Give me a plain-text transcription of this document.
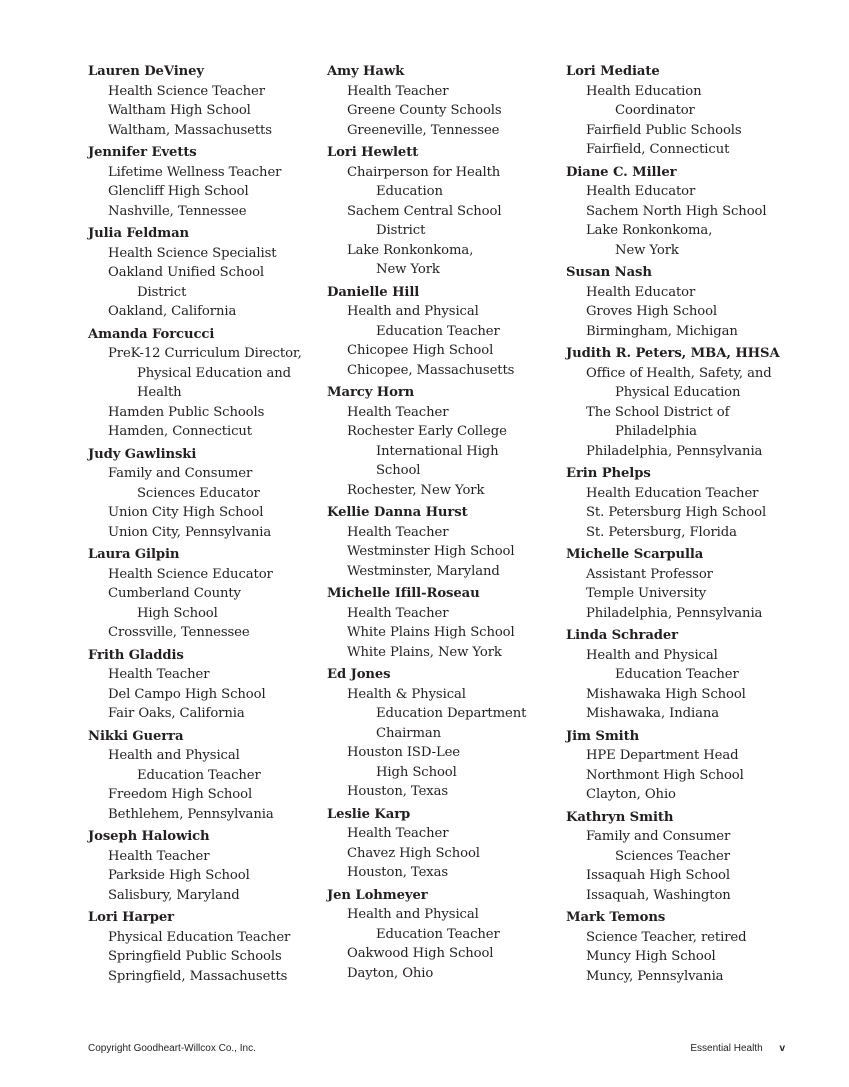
Lauren DeViney
Health Science Teacher
Waltham High School
Waltham, Massachusetts
Jennifer Evetts
Lifetime Wellness Teacher
Glencliff High School
Nashville, Tennessee
Julia Feldman
Health Science Specialist
Oakland Unified School
District
Oakland, California
Amanda Forcucci
PreK-12 Curriculum Director,
Physical Education and
Health
Hamden Public Schools
Hamden, Connecticut
Judy Gawlinski
Family and Consumer
Sciences Educator
Union City High School
Union City, Pennsylvania
Laura Gilpin
Health Science Educator
Cumberland County
High School
Crossville, Tennessee
Frith Gladdis
Health Teacher
Del Campo High School
Fair Oaks, California
Nikki Guerra
Health and Physical
Education Teacher
Freedom High School
Bethlehem, Pennsylvania
Joseph Halowich
Health Teacher
Parkside High School
Salisbury, Maryland
Lori Harper
Physical Education Teacher
Springfield Public Schools
Springfield, Massachusetts
Amy Hawk
Health Teacher
Greene County Schools
Greeneville, Tennessee
Lori Hewlett
Chairperson for Health
Education
Sachem Central School
District
Lake Ronkonkoma,
New York
Danielle Hill
Health and Physical
Education Teacher
Chicopee High School
Chicopee, Massachusetts
Marcy Horn
Health Teacher
Rochester Early College
International High
School
Rochester, New York
Kellie Danna Hurst
Health Teacher
Westminster High School
Westminster, Maryland
Michelle Ifill-Roseau
Health Teacher
White Plains High School
White Plains, New York
Ed Jones
Health & Physical
Education Department
Chairman
Houston ISD-Lee
High School
Houston, Texas
Leslie Karp
Health Teacher
Chavez High School
Houston, Texas
Jen Lohmeyer
Health and Physical
Education Teacher
Oakwood High School
Dayton, Ohio
Lori Mediate
Health Education
Coordinator
Fairfield Public Schools
Fairfield, Connecticut
Diane C. Miller
Health Educator
Sachem North High School
Lake Ronkonkoma,
New York
Susan Nash
Health Educator
Groves High School
Birmingham, Michigan
Judith R. Peters, MBA, HHSA
Office of Health, Safety, and
Physical Education
The School District of
Philadelphia
Philadelphia, Pennsylvania
Erin Phelps
Health Education Teacher
St. Petersburg High School
St. Petersburg, Florida
Michelle Scarpulla
Assistant Professor
Temple University
Philadelphia, Pennsylvania
Linda Schrader
Health and Physical
Education Teacher
Mishawaka High School
Mishawaka, Indiana
Jim Smith
HPE Department Head
Northmont High School
Clayton, Ohio
Kathryn Smith
Family and Consumer
Sciences Teacher
Issaquah High School
Issaquah, Washington
Mark Temons
Science Teacher, retired
Muncy High School
Muncy, Pennsylvania
Copyright Goodheart-Willcox Co., Inc.	Essential Health v
